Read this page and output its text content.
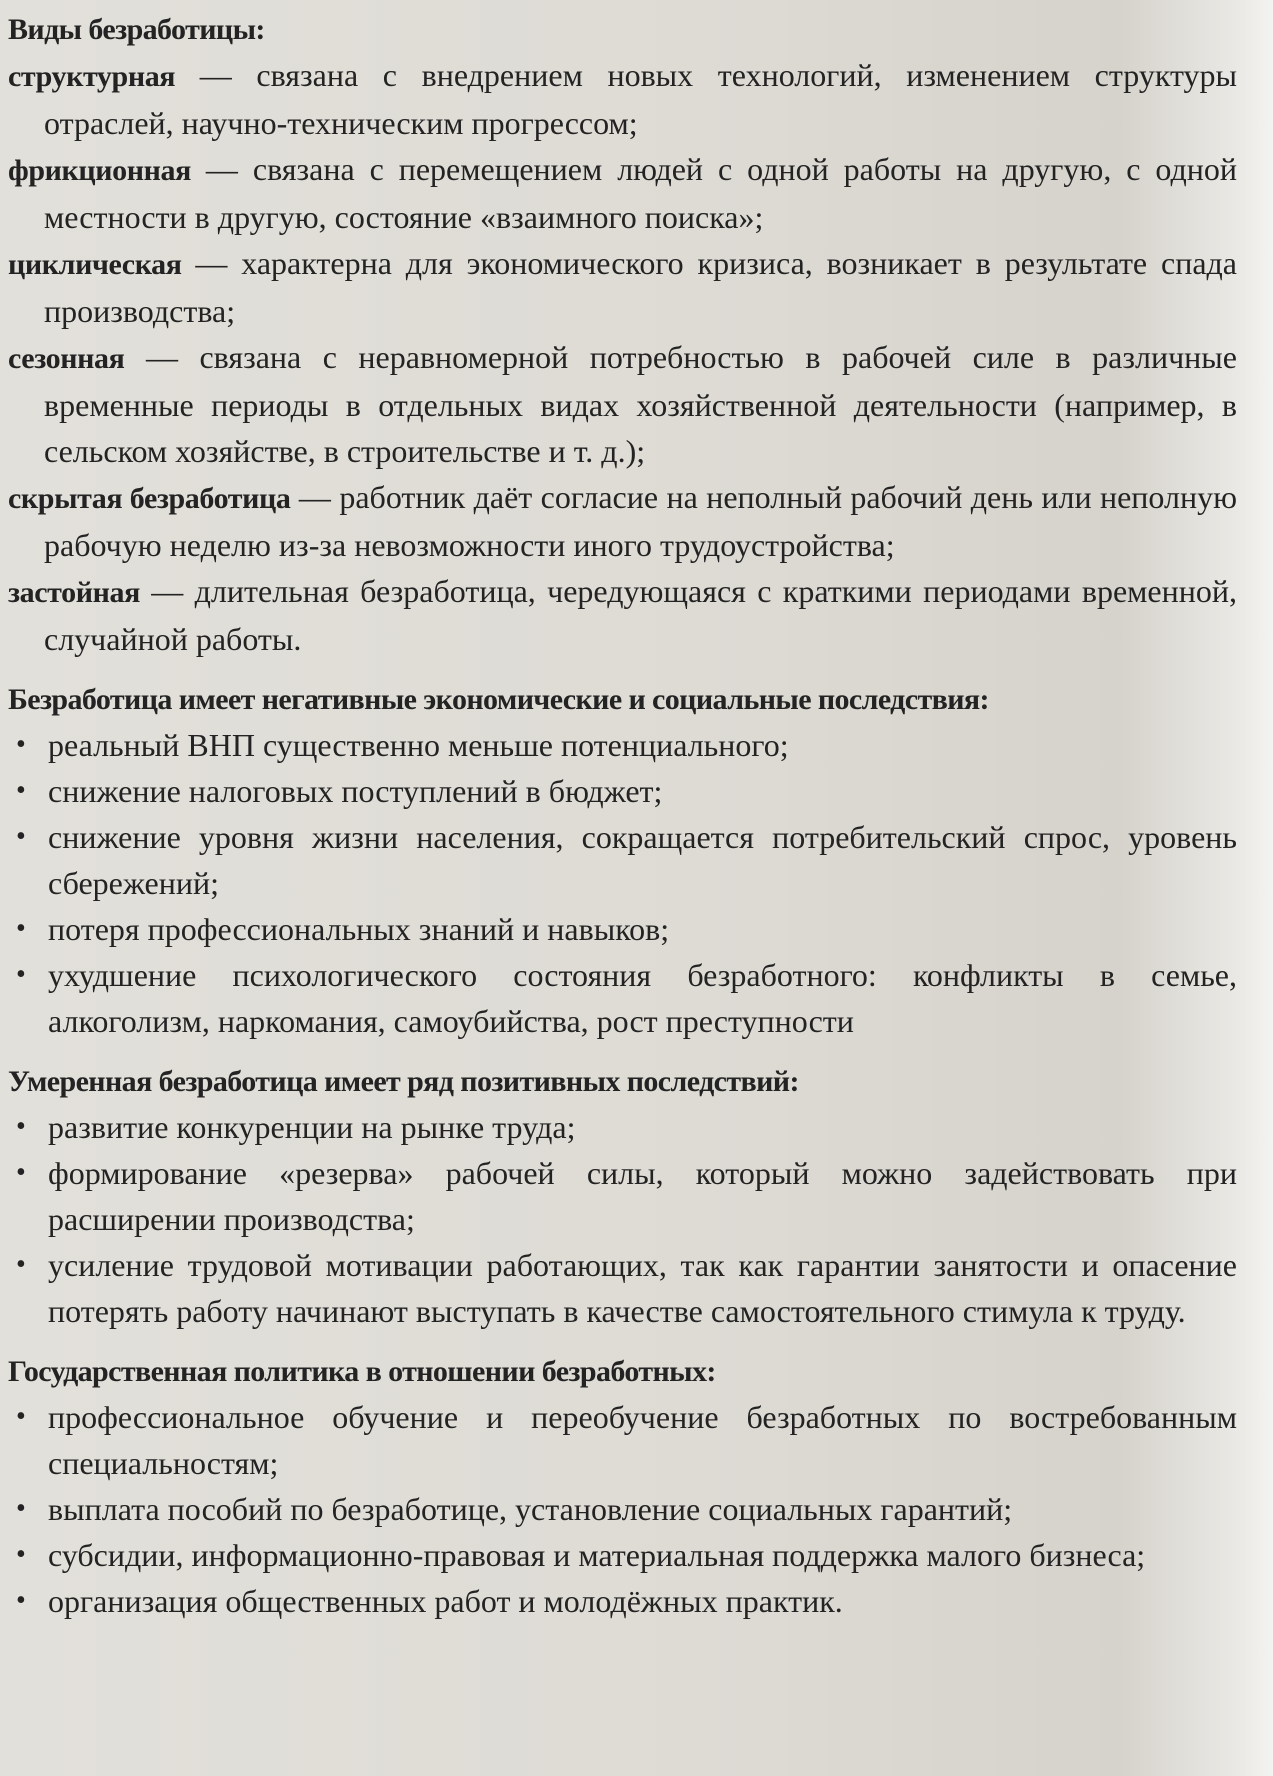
Виды безработицы:
структурная — связана с внедрением новых технологий, изменением структуры отраслей, научно-техническим прогрессом;
фрикционная — связана с перемещением людей с одной работы на другую, с одной местности в другую, состояние «взаимного поиска»;
циклическая — характерна для экономического кризиса, возникает в результате спада производства;
сезонная — связана с неравномерной потребностью в рабочей силе в различные временные периоды в отдельных видах хозяйственной деятельности (например, в сельском хозяйстве, в строительстве и т. д.);
скрытая безработица — работник даёт согласие на неполный рабочий день или неполную рабочую неделю из-за невозможности иного трудоустройства;
застойная — длительная безработица, чередующаяся с краткими периодами временной, случайной работы.
Безработица имеет негативные экономические и социальные последствия:
• реальный ВНП существенно меньше потенциального;
• снижение налоговых поступлений в бюджет;
• снижение уровня жизни населения, сокращается потребительский спрос, уровень сбережений;
• потеря профессиональных знаний и навыков;
• ухудшение психологического состояния безработного: конфликты в семье, алкоголизм, наркомания, самоубийства, рост преступности
Умеренная безработица имеет ряд позитивных последствий:
• развитие конкуренции на рынке труда;
• формирование «резерва» рабочей силы, который можно задействовать при расширении производства;
• усиление трудовой мотивации работающих, так как гарантии занятости и опасение потерять работу начинают выступать в качестве самостоятельного стимула к труду.
Государственная политика в отношении безработных:
• профессиональное обучение и переобучение безработных по востребованным специальностям;
• выплата пособий по безработице, установление социальных гарантий;
• субсидии, информационно-правовая и материальная поддержка малого бизнеса;
• организация общественных работ и молодёжных практик.
